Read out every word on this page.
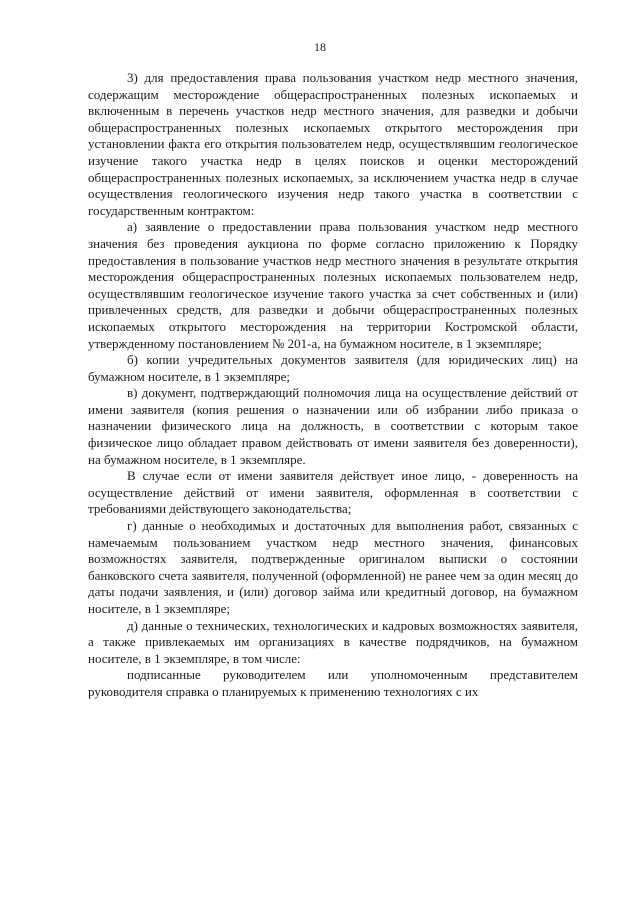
18

3) для предоставления права пользования участком недр местного значения, содержащим месторождение общераспространенных полезных ископаемых и включенным в перечень участков недр местного значения, для разведки и добычи общераспространенных полезных ископаемых открытого месторождения при установлении факта его открытия пользователем недр, осуществлявшим геологическое изучение такого участка недр в целях поисков и оценки месторождений общераспространенных полезных ископаемых, за исключением участка недр в случае осуществления геологического изучения недр такого участка в соответствии с государственным контрактом:

а) заявление о предоставлении права пользования участком недр местного значения без проведения аукциона по форме согласно приложению к Порядку предоставления в пользование участков недр местного значения в результате открытия месторождения общераспространенных полезных ископаемых пользователем недр, осуществлявшим геологическое изучение такого участка за счет собственных и (или) привлеченных средств, для разведки и добычи общераспространенных полезных ископаемых открытого месторождения на территории Костромской области, утвержденному постановлением № 201-а, на бумажном носителе, в 1 экземпляре;

б) копии учредительных документов заявителя (для юридических лиц) на бумажном носителе, в 1 экземпляре;

в) документ, подтверждающий полномочия лица на осуществление действий от имени заявителя (копия решения о назначении или об избрании либо приказа о назначении физического лица на должность, в соответствии с которым такое физическое лицо обладает правом действовать от имени заявителя без доверенности), на бумажном носителе, в 1 экземпляре.

В случае если от имени заявителя действует иное лицо, - доверенность на осуществление действий от имени заявителя, оформленная в соответствии с требованиями действующего законодательства;

г) данные о необходимых и достаточных для выполнения работ, связанных с намечаемым пользованием участком недр местного значения, финансовых возможностях заявителя, подтвержденные оригиналом выписки о состоянии банковского счета заявителя, полученной (оформленной) не ранее чем за один месяц до даты подачи заявления, и (или) договор займа или кредитный договор, на бумажном носителе, в 1 экземпляре;

д) данные о технических, технологических и кадровых возможностях заявителя, а также привлекаемых им организациях в качестве подрядчиков, на бумажном носителе, в 1 экземпляре, в том числе:

подписанные руководителем или уполномоченным представителем руководителя справка о планируемых к применению технологиях с их
